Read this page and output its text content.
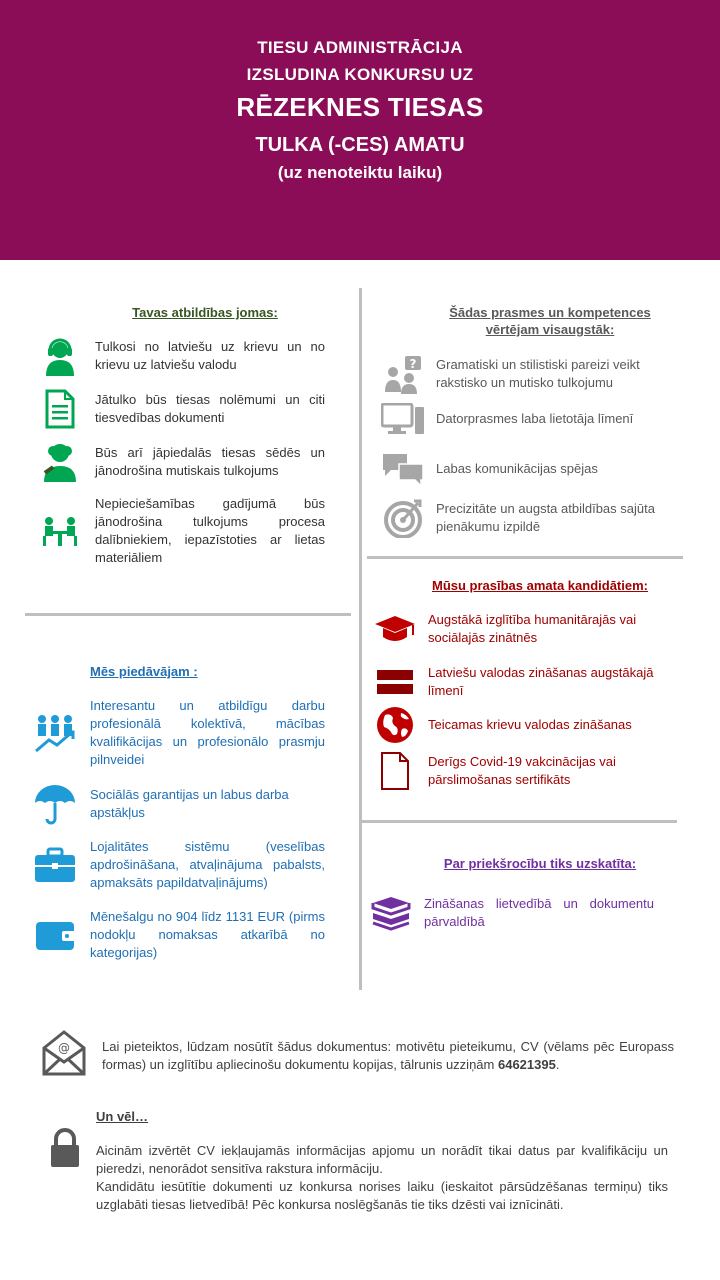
TIESU ADMINISTRĀCIJA
IZSLUDINA KONKURSU UZ
RĒZEKNES TIESAS
TULKA (-CES) AMATU
(uz nenoteiktu laiku)
Tavas atbildības jomas:
Tulkosi no latviešu uz krievu un no krievu uz latviešu valodu
Jātulko būs tiesas nolēmumi un citi tiesvedības dokumenti
Būs arī jāpiedalās tiesas sēdēs un jānodrošina mutiskais tulkojums
Nepieciešamības gadījumā būs jānodrošina tulkojums procesa dalībniekiem, iepazīstoties ar lietas materiāliem
Mēs piedāvājam :
Interesantu un atbildīgu darbu profesionālā kolektīvā, mācības kvalifikācijas un profesionālo prasmju pilnveidei
Sociālās garantijas un labus darba apstākļus
Lojalitātes sistēmu (veselības apdrošināšana, atvaļinājuma pabalsts, apmaksāts papildatvaļinājums)
Mēnešalgu no 904 līdz 1131 EUR (pirms nodokļu nomaksas atkarībā no kategorijas)
Šādas prasmes un kompetences vērtējam visaugstāk:
? Gramatiski un stilistiski pareizi veikt rakstisko un mutisko tulkojumu
Datorprasmes laba lietotāja līmenī
Labas komunikācijas spējas
Precizitāte un augsta atbildības sajūta pienākumu izpildē
Mūsu prasības amata kandidātiem:
Augstākā izglītība humanitārajās vai sociālajās zinātnēs
Latviešu valodas zināšanas augstākajā līmenī
Teicamas krievu valodas zināšanas
Derīgs Covid-19 vakcinācijas vai pārslimošanas sertifikāts
Par priekšrocību tiks uzskatīta:
Zināšanas lietvedībā un dokumentu pārvaldībā
@ Lai pieteiktos, lūdzam nosūtīt šādus dokumentus: motivētu pieteikumu, CV (vēlams pēc Europass formas) un izglītību apliecinošu dokumentu kopijas, tālrunis uzziņām 64621395.
Un vēl…
Aicinām izvērtēt CV iekļaujamās informācijas apjomu un norādīt tikai datus par kvalifikāciju un pieredzi, nenorādot sensitīva rakstura informāciju.
Kandidātu iesūtītie dokumenti uz konkursa norises laiku (ieskaitot pārsūdzēšanas termiņu) tiks uzglabāti tiesas lietvedībā! Pēc konkursa noslēgšanās tie tiks dzēsti vai iznīcināti.
